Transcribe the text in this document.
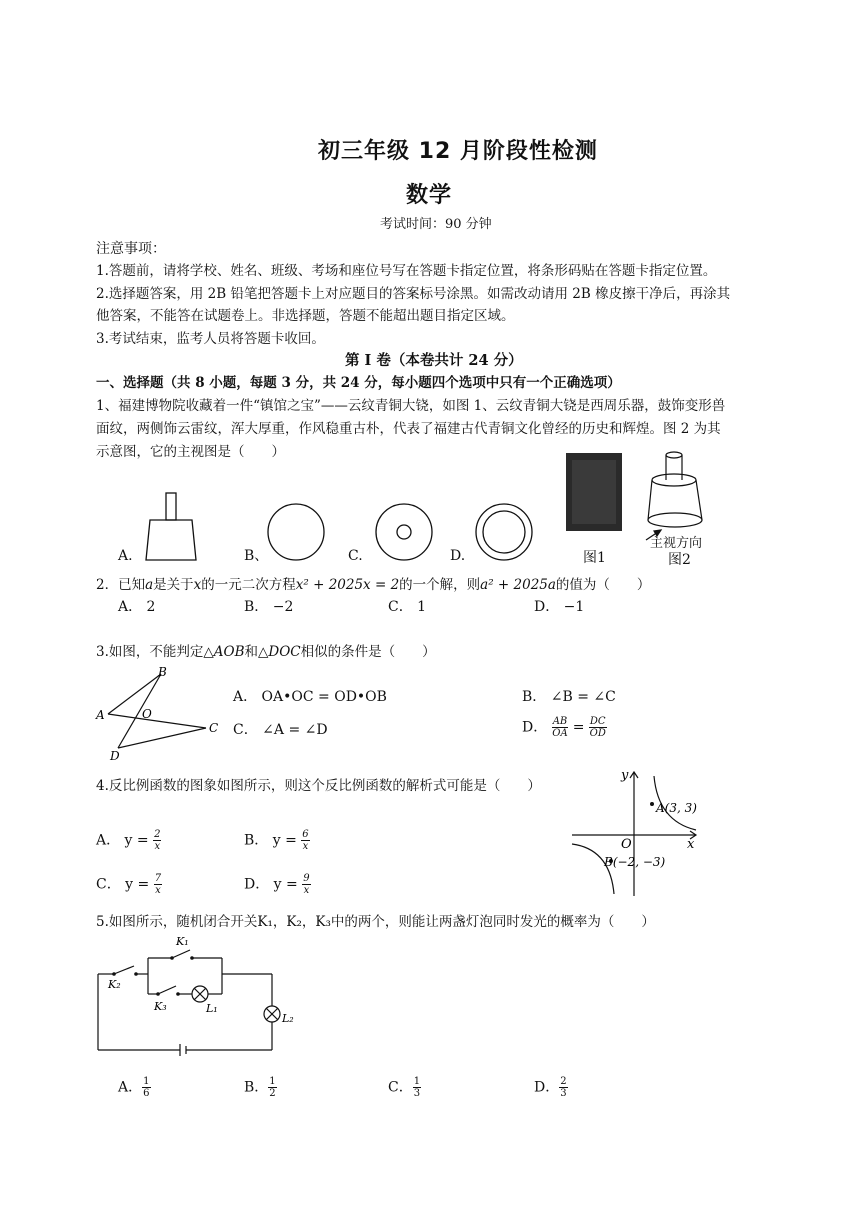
初三年级 12 月阶段性检测
数学
考试时间：90 分钟
注意事项：
1.答题前，请将学校、姓名、班级、考场和座位号写在答题卡指定位置，将条形码贴在答题卡指定位置。
2.选择题答案，用 2B 铅笔把答题卡上对应题目的答案标号涂黑。如需改动请用 2B 橡皮擦干净后，再涂其
他答案，不能答在试题卷上。非选择题，答题不能超出题目指定区域。
3.考试结束，监考人员将答题卡收回。
第 I 卷（本卷共计 24 分）
一、选择题（共 8 小题，每题 3 分，共 24 分，每小题四个选项中只有一个正确选项）
1、福建博物院收藏着一件“镇馆之宝”——云纹青铜大铙，如图 1、云纹青铜大铙是西周乐器，鼓饰变形兽
面纹，两侧饰云雷纹，浑大厚重，作风稳重古朴，代表了福建古代青铜文化曾经的历史和辉煌。图 2 为其
示意图，它的主视图是（　　）
A.	B、	C.	D.	图1
主视方向
图2
2．已知a是关于x的一元二次方程x² + 2025x = 2的一个解，则a² + 2025a的值为（　　）
A． 2	B． −2	C． 1	D． −1
3.如图，不能判定△AOB和△DOC相似的条件是（　　）
A
B
O
C
D
A． OA•OC = OD•OB	B． ∠B = ∠C
C． ∠A = ∠D	D． $\frac{AB}{OA} = \frac{DC}{OD}$
4.反比例函数的图象如图所示，则这个反比例函数的解析式可能是（　　）
A． $y = \frac{2}{x}$	B． $y = \frac{6}{x}$
C． $y = \frac{7}{x}$	D． $y = \frac{9}{x}$
y
x
O
A(3, 3)
B(−2, −3)
5.如图所示，随机闭合开关K₁，K₂，K₃中的两个，则能让两盏灯泡同时发光的概率为（　　）
K₁
K₂
K₃	L₁
L₂
A． $\frac{1}{6}$	B． $\frac{1}{2}$	C． $\frac{1}{3}$	D． $\frac{2}{3}$
